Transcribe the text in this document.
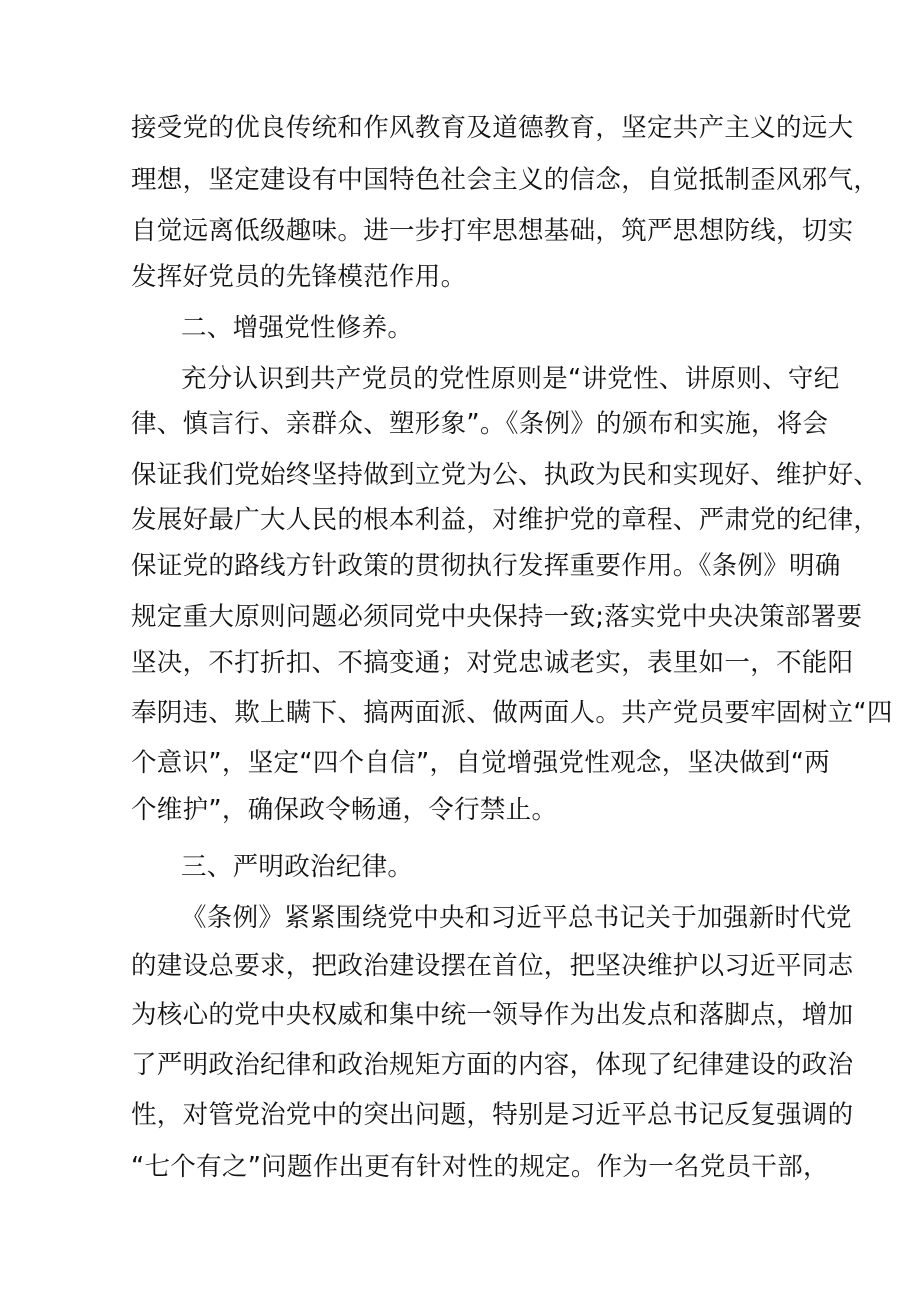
接受党的优良传统和作风教育及道德教育，坚定共产主义的远大

理想，坚定建设有中国特色社会主义的信念，自觉抵制歪风邪气，

自觉远离低级趣味。进一步打牢思想基础，筑严思想防线，切实

发挥好党员的先锋模范作用。

二、增强党性修养。

充分认识到共产党员的党性原则是“讲党性、讲原则、守纪

律、慎言行、亲群众、塑形象”。《条例》的颁布和实施，将会

保证我们党始终坚持做到立党为公、执政为民和实现好、维护好、

发展好最广大人民的根本利益，对维护党的章程、严肃党的纪律，

保证党的路线方针政策的贯彻执行发挥重要作用。《条例》明确

规定重大原则问题必须同党中央保持一致;落实党中央决策部署要

坚决，不打折扣、不搞变通；对党忠诚老实，表里如一，不能阳

奉阴违、欺上瞒下、搞两面派、做两面人。共产党员要牢固树立“四

个意识”，坚定“四个自信”，自觉增强党性观念，坚决做到“两

个维护”，确保政令畅通，令行禁止。

三、严明政治纪律。

《条例》紧紧围绕党中央和习近平总书记关于加强新时代党

的建设总要求，把政治建设摆在首位，把坚决维护以习近平同志

为核心的党中央权威和集中统一领导作为出发点和落脚点，增加

了严明政治纪律和政治规矩方面的内容，体现了纪律建设的政治

性，对管党治党中的突出问题，特别是习近平总书记反复强调的

“七个有之”问题作出更有针对性的规定。作为一名党员干部，
